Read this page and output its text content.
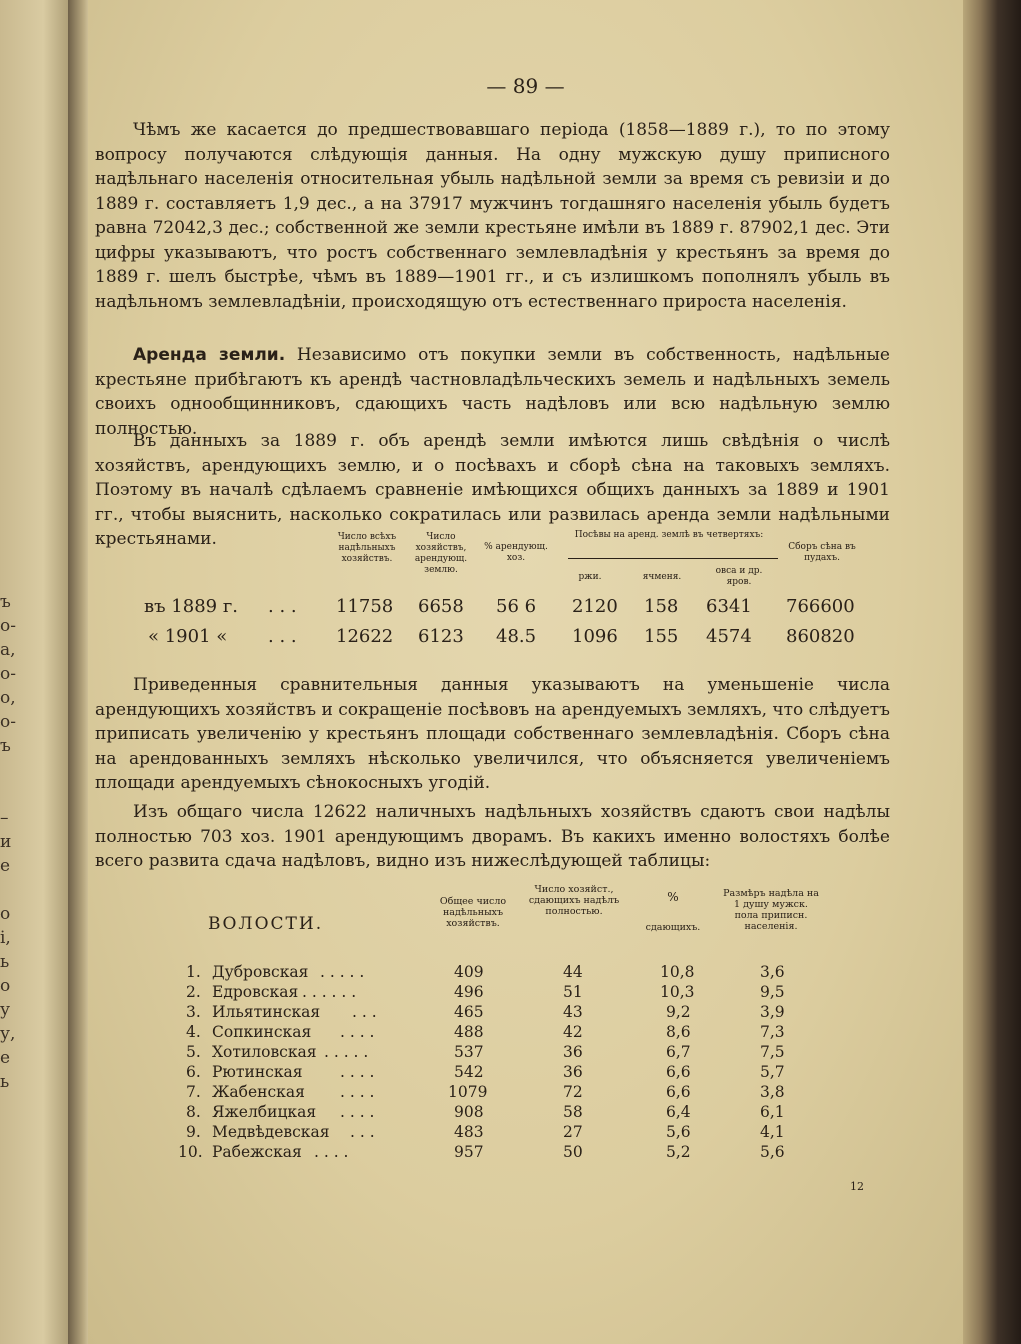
ъ
о-
а,
о-
о,
о-
ъ
–
и
е
о
і,
ь
о
у
у,
е
ь
— 89 —
Чѣмъ же касается до предшествовавшаго періода (1858—1889 г.), то по этому вопросу получаются слѣдующія данныя. На одну мужскую душу приписного надѣльнаго населенія относительная убыль надѣльной земли за время съ ревизіи и до 1889 г. составляетъ 1,9 дес., а на 37917 мужчинъ тогдашняго населенія убыль будетъ равна 72042,3 дес.; собственной же земли крестьяне имѣли въ 1889 г. 87902,1 дес. Эти цифры указываютъ, что ростъ собственнаго землевладѣнія у крестьянъ за время до 1889 г. шелъ быстрѣе, чѣмъ въ 1889—1901 гг., и съ излишкомъ пополнялъ убыль въ надѣльномъ землевладѣніи, происходящую отъ естественнаго прироста населенія.
Аренда земли. Независимо отъ покупки земли въ собственность, надѣльные крестьяне прибѣгаютъ къ арендѣ частновладѣльческихъ земель и надѣльныхъ земель своихъ однообщинниковъ, сдающихъ часть надѣловъ или всю надѣльную землю полностью.
Въ данныхъ за 1889 г. объ арендѣ земли имѣются лишь свѣдѣнія о числѣ хозяйствъ, арендующихъ землю, и о посѣвахъ и сборѣ сѣна на таковыхъ земляхъ. Поэтому въ началѣ сдѣлаемъ сравненіе имѣющихся общихъ данныхъ за 1889 и 1901 гг., чтобы выяснить, насколько сократилась или развилась аренда земли надѣльными крестьянами.	Число всѣхъ надѣльныхъ хозяйствъ.
Число хозяйствъ, арендующ. землю.
% арендующ. хоз.
Посѣвы на аренд. землѣ въ четвертяхъ:
ржи.	ячменя.
овса и др. яров.
Сборъ сѣна въ пудахъ.
въ 1889 г. . . . 11758 6658 56 6 2120 158 6341 766600
« 1901 « . . . 12622 6123 48.5 1096 155 4574 860820
Приведенныя сравнительныя данныя указываютъ на уменьшеніе числа арендующихъ хозяйствъ и сокращеніе посѣвовъ на арендуемыхъ земляхъ, что слѣдуетъ приписать увеличенію у крестьянъ площади собственнаго землевладѣнія. Сборъ сѣна на арендованныхъ земляхъ нѣсколько увеличился, что объясняется увеличеніемъ площади арендуемыхъ сѣнокосныхъ угодій.
Изъ общаго числа 12622 наличныхъ надѣльныхъ хозяйствъ сдаютъ свои надѣлы полностью 703 хоз. 1901 арендующимъ дворамъ. Въ какихъ именно волостяхъ болѣе всего развита сдача надѣловъ, видно изъ нижеслѣдующей таблицы:
ВОЛОСТИ.
Общее число надѣльныхъ хозяйствъ.
Число хозяйст., сдающихъ надѣлъ полностью.
%
сдающихъ.
Размѣръ надѣла на 1 душу мужск. пола приписн. населенія.
1. Дубровская . . . . .	409	44	10,8	3,6
2. Едровская . . . . . .	496	51	10,3	9,5
3. Ильятинская . . .	465	43	9,2	3,9
4. Сопкинская . . . .	488	42	8,6	7,3
5. Хотиловская . . . . .	537	36	6,7	7,5
6. Рютинская . . . .	542	36	6,6	5,7
7. Жабенская . . . .	1079	72	6,6	3,8
8. Яжелбицкая . . . .	908	58	6,4	6,1
9. Медвѣдевская . . .	483	27	5,6	4,1
10. Рабежская . . . .	957	50	5,2	5,6
12
